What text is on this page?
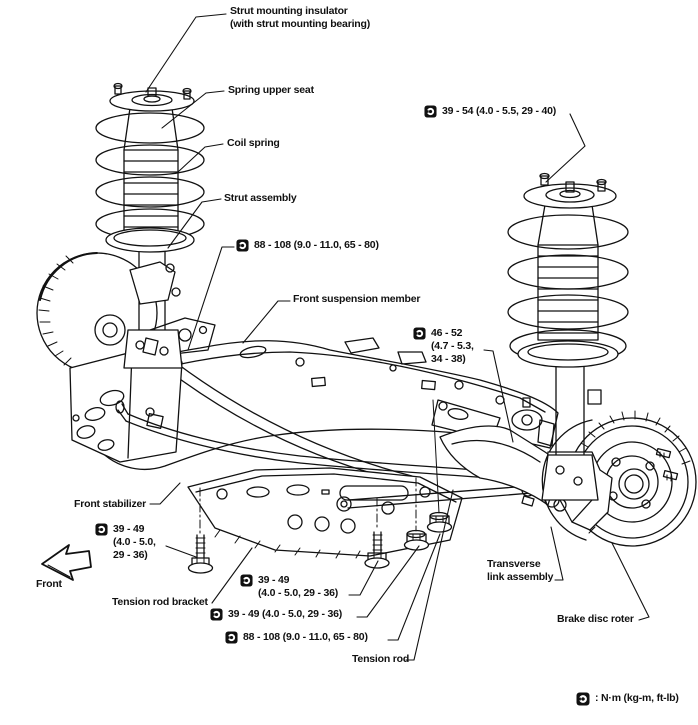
Strut mounting insulator
(with strut mounting bearing)
Spring upper seat
Coil spring
Strut assembly
39 - 54 (4.0 - 5.5, 29 - 40)
88 - 108 (9.0 - 11.0, 65 - 80)
Front suspension member
46 - 52
(4.7 - 5.3,
34 - 38)
Front stabilizer
39 - 49
(4.0 - 5.0,
29 - 36)
Front
Tension rod bracket
39 - 49
(4.0 - 5.0, 29 - 36)
39 - 49 (4.0 - 5.0, 29 - 36)
88 - 108 (9.0 - 11.0, 65 - 80)
Tension rod
Transverse
link assembly
Brake disc roter
: N·m (kg-m, ft-lb)
